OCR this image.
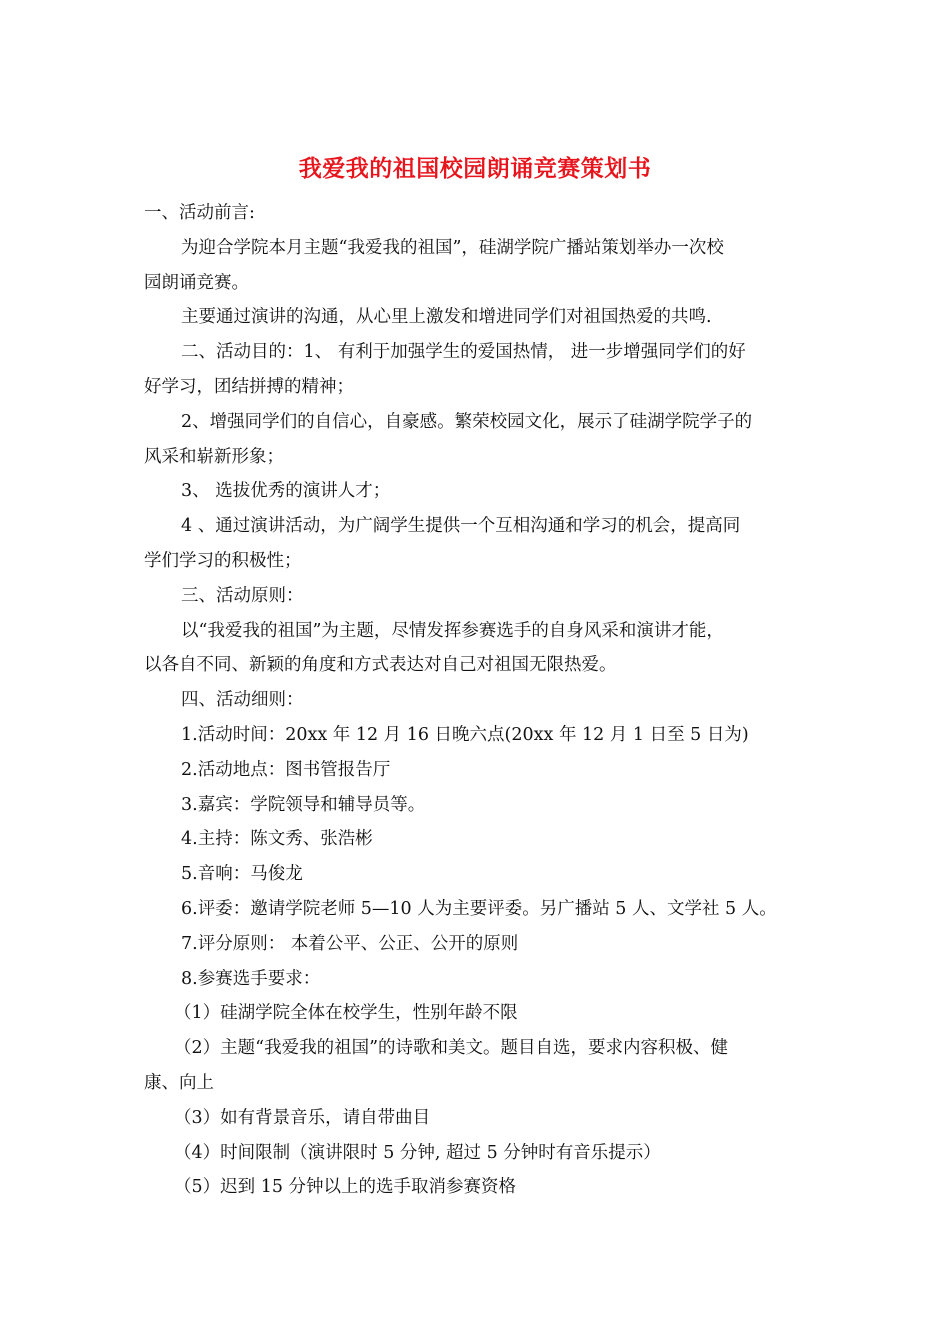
我爱我的祖国校园朗诵竞赛策划书
一、活动前言:
为迎合学院本月主题“我爱我的祖国”，硅湖学院广播站策划举办一次校
园朗诵竞赛。
主要通过演讲的沟通，从心里上激发和增进同学们对祖国热爱的共鸣.
二、活动目的：1、 有利于加强学生的爱国热情， 进一步增强同学们的好
好学习，团结拼搏的精神；
2、增强同学们的自信心，自豪感。繁荣校园文化，展示了硅湖学院学子的
风采和崭新形象；
3、 选拔优秀的演讲人才；
4 、通过演讲活动，为广阔学生提供一个互相沟通和学习的机会，提高同
学们学习的积极性；
三、活动原则：
以“我爱我的祖国”为主题，尽情发挥参赛选手的自身风采和演讲才能，
以各自不同、新颖的角度和方式表达对自己对祖国无限热爱。
四、活动细则：
1.活动时间：20xx 年 12 月 16 日晚六点(20xx 年 12 月 1 日至 5 日为)
2.活动地点：图书管报告厅
3.嘉宾：学院领导和辅导员等。
4.主持：陈文秀、张浩彬
5.音响：马俊龙
6.评委：邀请学院老师 5—10 人为主要评委。另广播站 5 人、文学社 5 人。
7.评分原则： 本着公平、公正、公开的原则
8.参赛选手要求：
（1）硅湖学院全体在校学生，性别年龄不限
（2）主题“我爱我的祖国”的诗歌和美文。题目自选，要求内容积极、健
康、向上
（3）如有背景音乐，请自带曲目
（4）时间限制（演讲限时 5 分钟, 超过 5 分钟时有音乐提示）
（5）迟到 15 分钟以上的选手取消参赛资格
